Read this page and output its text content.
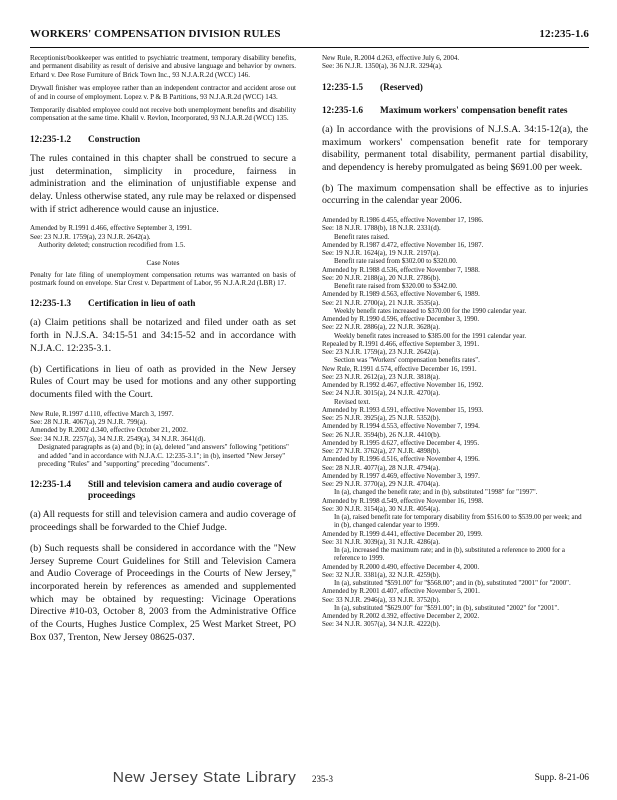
WORKERS' COMPENSATION DIVISION RULES	12:235-1.6

Receptionist/bookkeeper was entitled to psychiatric treatment, temporary disability benefits, and permanent disability as result of derisive and abusive language and behavior by owners. Erhard v. Dee Rose Furniture of Brick Town Inc., 93 N.J.A.R.2d (WCC) 146.

Drywall finisher was employee rather than an independent contractor and accident arose out of and in course of employment. Lopez v. P & B Partitions, 93 N.J.A.R.2d (WCC) 143.

Temporarily disabled employee could not receive both unemployment benefits and disability compensation at the same time. Khalil v. Revlon, Incorporated, 93 N.J.A.R.2d (WCC) 135.

12:235-1.2	Construction

The rules contained in this chapter shall be construed to secure a just determination, simplicity in procedure, fairness in administration and the elimination of unjustifiable expense and delay. Unless otherwise stated, any rule may be relaxed or dispensed with if strict adherence would cause an injustice.

Amended by R.1991 d.466, effective September 3, 1991.
See: 23 N.J.R. 1759(a), 23 N.J.R. 2642(a).
Authority deleted; construction recodified from 1.5.
Case Notes

Penalty for late filing of unemployment compensation returns was warranted on basis of postmark found on envelope. Star Crest v. Department of Labor, 95 N.J.A.R.2d (LBR) 17.

12:235-1.3	Certification in lieu of oath

(a) Claim petitions shall be notarized and filed under oath as set forth in N.J.S.A. 34:15-51 and 34:15-52 and in accordance with N.J.A.C. 12:235-3.1.

(b) Certifications in lieu of oath as provided in the New Jersey Rules of Court may be used for motions and any other supporting documents filed with the Court.

New Rule, R.1997 d.110, effective March 3, 1997.
See: 28 N.J.R. 4067(a), 29 N.J.R. 799(a).
Amended by R.2002 d.340, effective October 21, 2002.
See: 34 N.J.R. 2257(a), 34 N.J.R. 2549(a), 34 N.J.R. 3641(d).
Designated paragraphs as (a) and (b); in (a), deleted "and answers" following "petitions" and added "and in accordance with N.J.A.C. 12:235-3.1"; in (b), inserted "New Jersey" preceding "Rules" and "supporting" preceding "documents".
12:235-1.4	Still and television camera and audio coverage of proceedings

(a) All requests for still and television camera and audio coverage of proceedings shall be forwarded to the Chief Judge.

(b) Such requests shall be considered in accordance with the "New Jersey Supreme Court Guidelines for Still and Television Camera and Audio Coverage of Proceedings in the Courts of New Jersey," incorporated herein by references as amended and supplemented which may be obtained by requesting: Vicinage Operations Directive #10-03, October 8, 2003 from the Administrative Office of the Courts, Hughes Justice Complex, 25 West Market Street, PO Box 037, Trenton, New Jersey 08625-037.

New Rule, R.2004 d.263, effective July 6, 2004.
See: 36 N.J.R. 1350(a), 36 N.J.R. 3294(a).
12:235-1.5	(Reserved)
12:235-1.6	Maximum workers' compensation benefit rates

(a) In accordance with the provisions of N.J.S.A. 34:15-12(a), the maximum workers' compensation benefit rate for temporary disability, permanent total disability, permanent partial disability, and dependency is hereby promulgated as being $691.00 per week.

(b) The maximum compensation shall be effective as to injuries occurring in the calendar year 2006.

Amended by R.1986 d.455, effective November 17, 1986.
See: 18 N.J.R. 1788(b), 18 N.J.R. 2331(d).
Benefit rates raised.
Amended by R.1987 d.472, effective November 16, 1987.
See: 19 N.J.R. 1624(a), 19 N.J.R. 2197(a).
Benefit rate raised from $302.00 to $320.00.
Amended by R.1988 d.536, effective November 7, 1988.
See: 20 N.J.R. 2188(a), 20 N.J.R. 2786(b).
Benefit rate raised from $320.00 to $342.00.
Amended by R.1989 d.563, effective November 6, 1989.
See: 21 N.J.R. 2700(a), 21 N.J.R. 3535(a).
Weekly benefit rates increased to $370.00 for the 1990 calendar year.
Amended by R.1990 d.596, effective December 3, 1990.
See: 22 N.J.R. 2886(a), 22 N.J.R. 3628(a).
Weekly benefit rates increased to $385.00 for the 1991 calendar year.
Repealed by R.1991 d.466, effective September 3, 1991.
See: 23 N.J.R. 1759(a), 23 N.J.R. 2642(a).
Section was "Workers' compensation benefits rates".
New Rule, R.1991 d.574, effective December 16, 1991.
See: 23 N.J.R. 2612(a), 23 N.J.R. 3818(a).
Amended by R.1992 d.467, effective November 16, 1992.
See: 24 N.J.R. 3015(a), 24 N.J.R. 4270(a).
Revised text.
Amended by R.1993 d.591, effective November 15, 1993.
See: 25 N.J.R. 3925(a), 25 N.J.R. 5352(b).
Amended by R.1994 d.553, effective November 7, 1994.
See: 26 N.J.R. 3594(b), 26 N.J.R. 4410(b).
Amended by R.1995 d.627, effective December 4, 1995.
See: 27 N.J.R. 3762(a), 27 N.J.R. 4898(b).
Amended by R.1996 d.516, effective November 4, 1996.
See: 28 N.J.R. 4077(a), 28 N.J.R. 4794(a).
Amended by R.1997 d.469, effective November 3, 1997.
See: 29 N.J.R. 3770(a), 29 N.J.R. 4704(a).
In (a), changed the benefit rate; and in (b), substituted "1998" for "1997".
Amended by R.1998 d.549, effective November 16, 1998.
See: 30 N.J.R. 3154(a), 30 N.J.R. 4054(a).
In (a), raised benefit rate for temporary disability from $516.00 to $539.00 per week; and in (b), changed calendar year to 1999.
Amended by R.1999 d.441, effective December 20, 1999.
See: 31 N.J.R. 3039(a), 31 N.J.R. 4286(a).
In (a), increased the maximum rate; and in (b), substituted a reference to 2000 for a reference to 1999.
Amended by R.2000 d.490, effective December 4, 2000.
See: 32 N.J.R. 3381(a), 32 N.J.R. 4259(b).
In (a), substituted "$591.00" for "$568.00"; and in (b), substituted "2001" for "2000".
Amended by R.2001 d.407, effective November 5, 2001.
See: 33 N.J.R. 2946(a), 33 N.J.R. 3752(b).
In (a), substituted "$629.00" for "$591.00"; in (b), substituted "2002" for "2001".
Amended by R.2002 d.392, effective December 2, 2002.
See: 34 N.J.R. 3057(a), 34 N.J.R. 4222(b).
New Jersey State Library 235-3	Supp. 8-21-06
